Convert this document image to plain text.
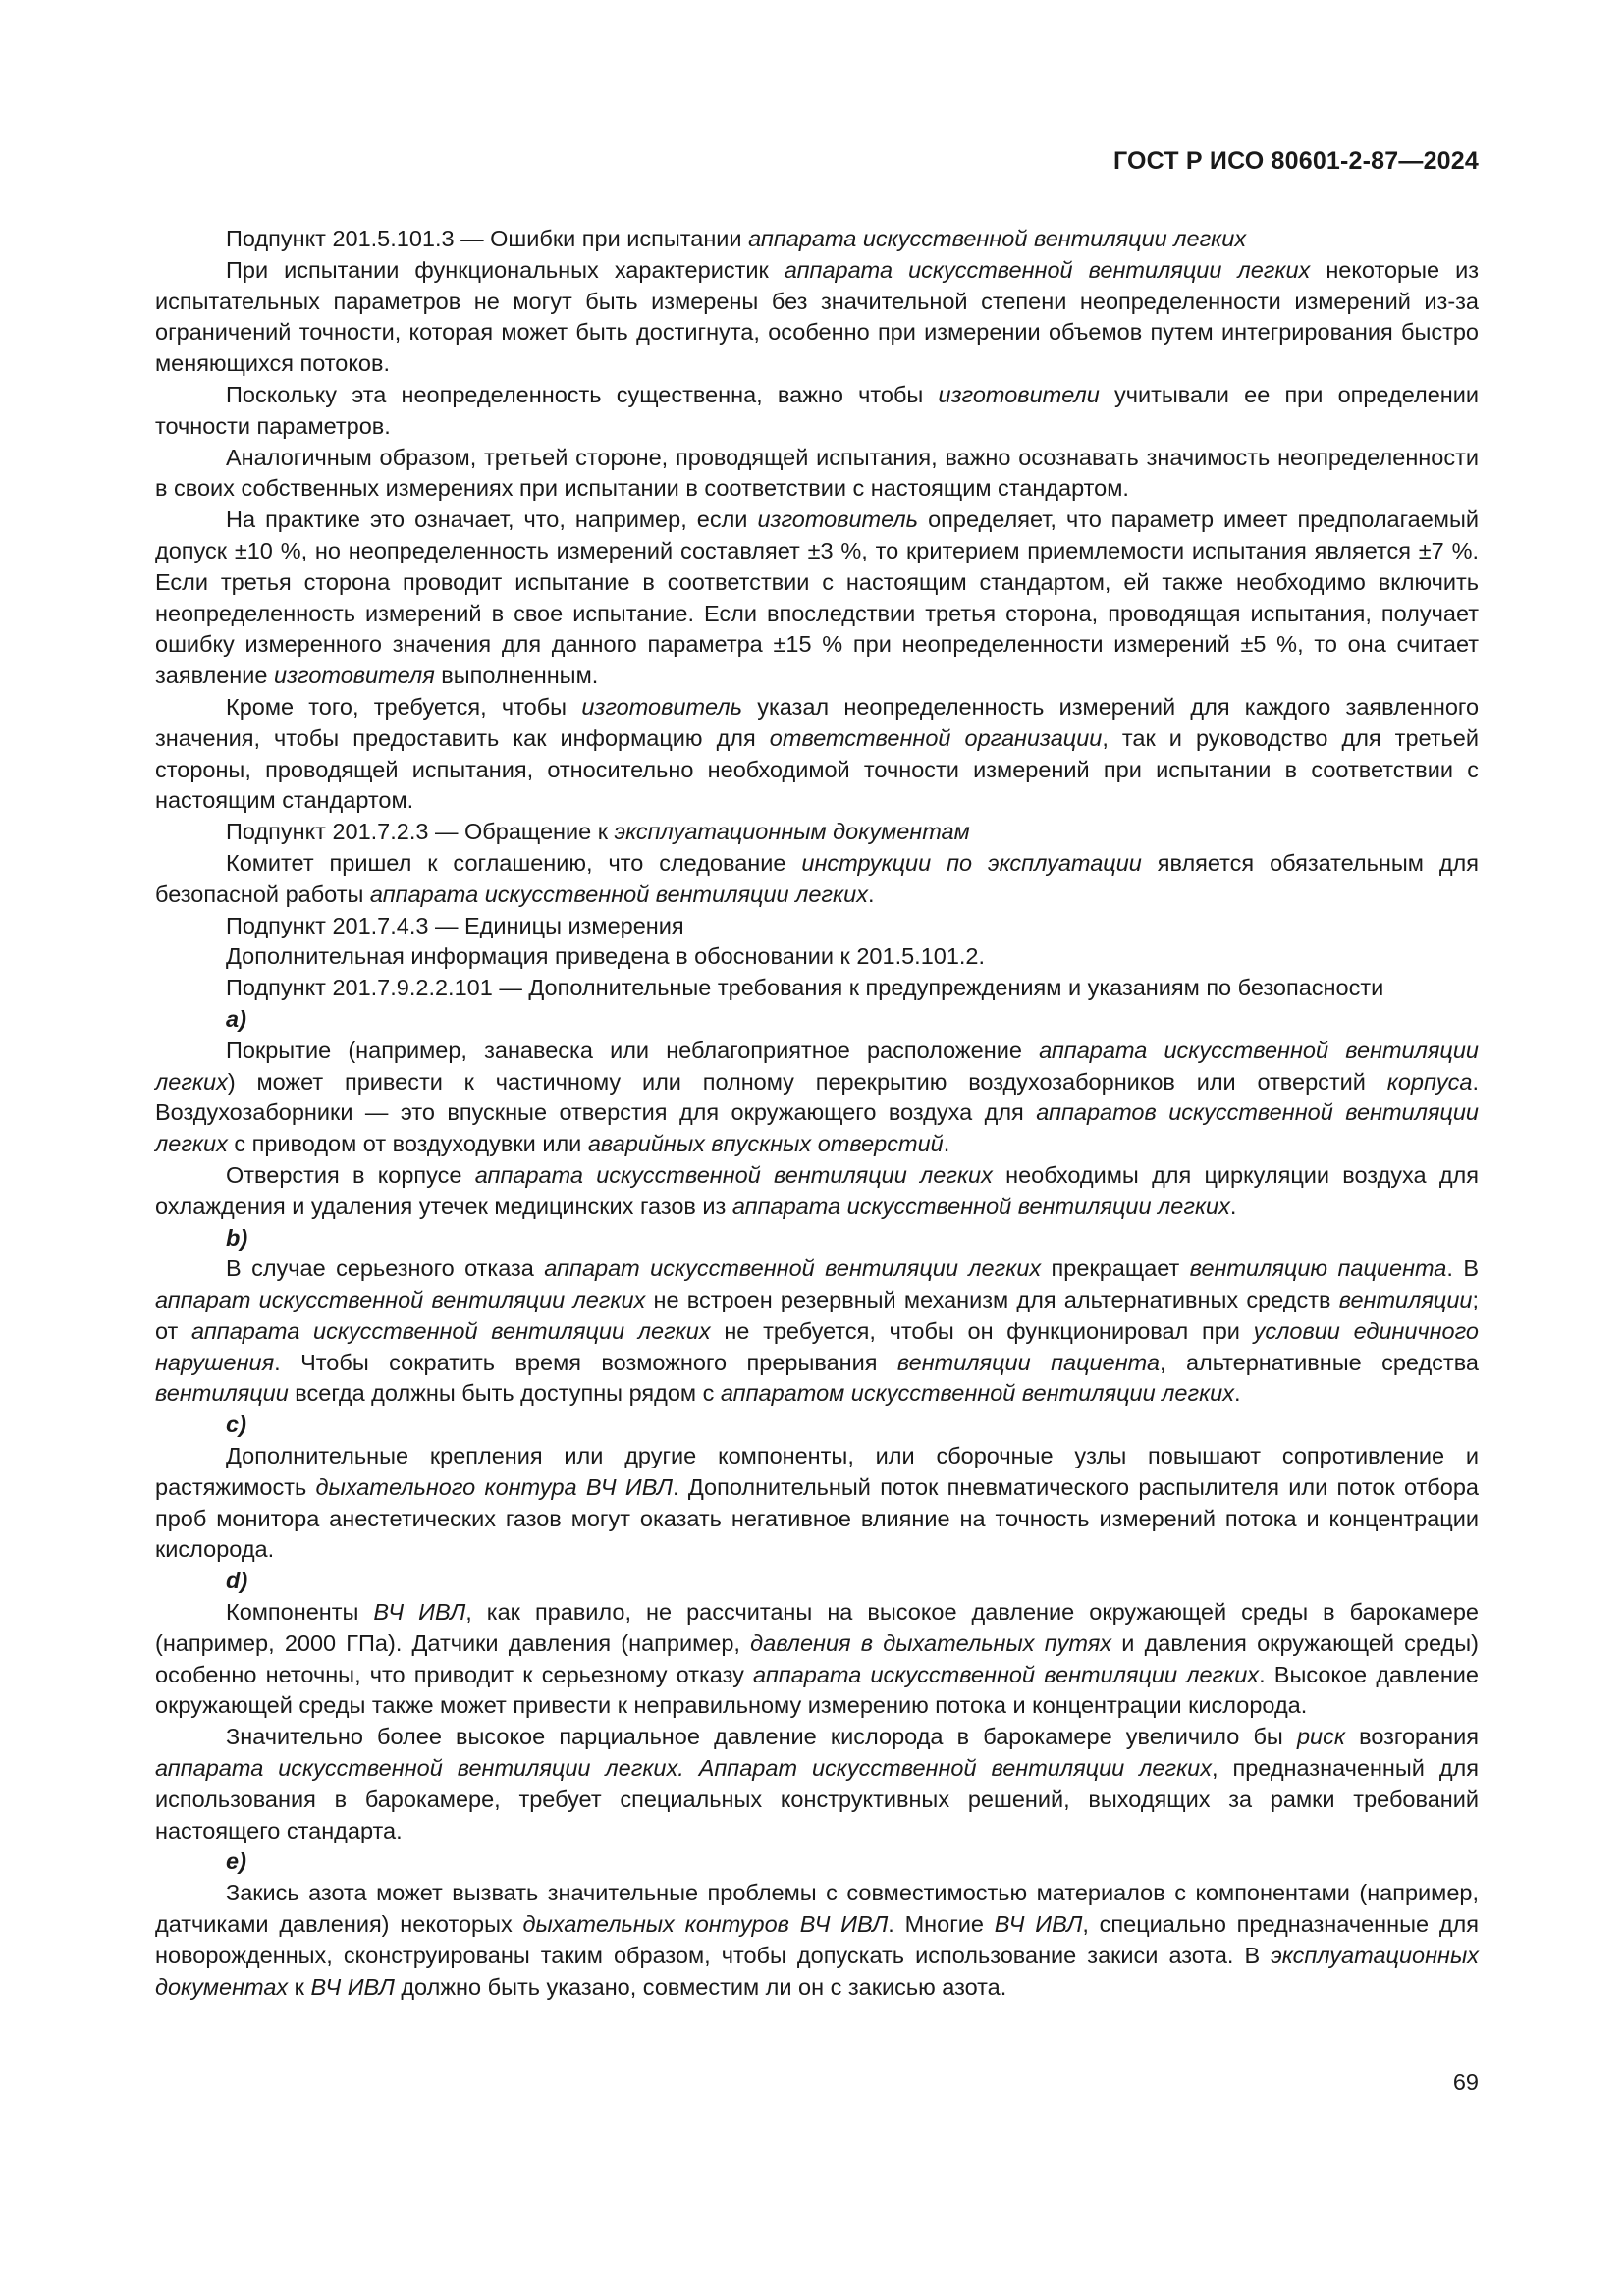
ГОСТ Р ИСО 80601-2-87—2024

Подпункт 201.5.101.3 — Ошибки при испытании аппарата искусственной вентиляции легких

При испытании функциональных характеристик аппарата искусственной вентиляции легких некоторые из испытательных параметров не могут быть измерены без значительной степени неопределенности измерений из-за ограничений точности, которая может быть достигнута, особенно при измерении объемов путем интегрирования быстро меняющихся потоков.

Поскольку эта неопределенность существенна, важно чтобы изготовители учитывали ее при определении точности параметров.

Аналогичным образом, третьей стороне, проводящей испытания, важно осознавать значимость неопределенности в своих собственных измерениях при испытании в соответствии с настоящим стандартом.

На практике это означает, что, например, если изготовитель определяет, что параметр имеет предполагаемый допуск ±10 %, но неопределенность измерений составляет ±3 %, то критерием приемлемости испытания является ±7 %. Если третья сторона проводит испытание в соответствии с настоящим стандартом, ей также необходимо включить неопределенность измерений в свое испытание. Если впоследствии третья сторона, проводящая испытания, получает ошибку измеренного значения для данного параметра ±15 % при неопределенности измерений ±5 %, то она считает заявление изготовителя выполненным.

Кроме того, требуется, чтобы изготовитель указал неопределенность измерений для каждого заявленного значения, чтобы предоставить как информацию для ответственной организации, так и руководство для третьей стороны, проводящей испытания, относительно необходимой точности измерений при испытании в соответствии с настоящим стандартом.

Подпункт 201.7.2.3 — Обращение к эксплуатационным документам

Комитет пришел к соглашению, что следование инструкции по эксплуатации является обязательным для безопасной работы аппарата искусственной вентиляции легких.

Подпункт 201.7.4.3 — Единицы измерения

Дополнительная информация приведена в обосновании к 201.5.101.2.

Подпункт 201.7.9.2.2.101 — Дополнительные требования к предупреждениям и указаниям по безопасности

a)

Покрытие (например, занавеска или неблагоприятное расположение аппарата искусственной вентиляции легких) может привести к частичному или полному перекрытию воздухозаборников или отверстий корпуса. Воздухозаборники — это впускные отверстия для окружающего воздуха для аппаратов искусственной вентиляции легких с приводом от воздуходувки или аварийных впускных отверстий.

Отверстия в корпусе аппарата искусственной вентиляции легких необходимы для циркуляции воздуха для охлаждения и удаления утечек медицинских газов из аппарата искусственной вентиляции легких.

b)

В случае серьезного отказа аппарат искусственной вентиляции легких прекращает вентиляцию пациента. В аппарат искусственной вентиляции легких не встроен резервный механизм для альтернативных средств вентиляции; от аппарата искусственной вентиляции легких не требуется, чтобы он функционировал при условии единичного нарушения. Чтобы сократить время возможного прерывания вентиляции пациента, альтернативные средства вентиляции всегда должны быть доступны рядом с аппаратом искусственной вентиляции легких.

c)

Дополнительные крепления или другие компоненты, или сборочные узлы повышают сопротивление и растяжимость дыхательного контура ВЧ ИВЛ. Дополнительный поток пневматического распылителя или поток отбора проб монитора анестетических газов могут оказать негативное влияние на точность измерений потока и концентрации кислорода.

d)

Компоненты ВЧ ИВЛ, как правило, не рассчитаны на высокое давление окружающей среды в барокамере (например, 2000 ГПа). Датчики давления (например, давления в дыхательных путях и давления окружающей среды) особенно неточны, что приводит к серьезному отказу аппарата искусственной вентиляции легких. Высокое давление окружающей среды также может привести к неправильному измерению потока и концентрации кислорода.

Значительно более высокое парциальное давление кислорода в барокамере увеличило бы риск возгорания аппарата искусственной вентиляции легких. Аппарат искусственной вентиляции легких, предназначенный для использования в барокамере, требует специальных конструктивных решений, выходящих за рамки требований настоящего стандарта.

e)

Закись азота может вызвать значительные проблемы с совместимостью материалов с компонентами (например, датчиками давления) некоторых дыхательных контуров ВЧ ИВЛ. Многие ВЧ ИВЛ, специально предназначенные для новорожденных, сконструированы таким образом, чтобы допускать использование закиси азота. В эксплуатационных документах к ВЧ ИВЛ должно быть указано, совместим ли он с закисью азота.

69
